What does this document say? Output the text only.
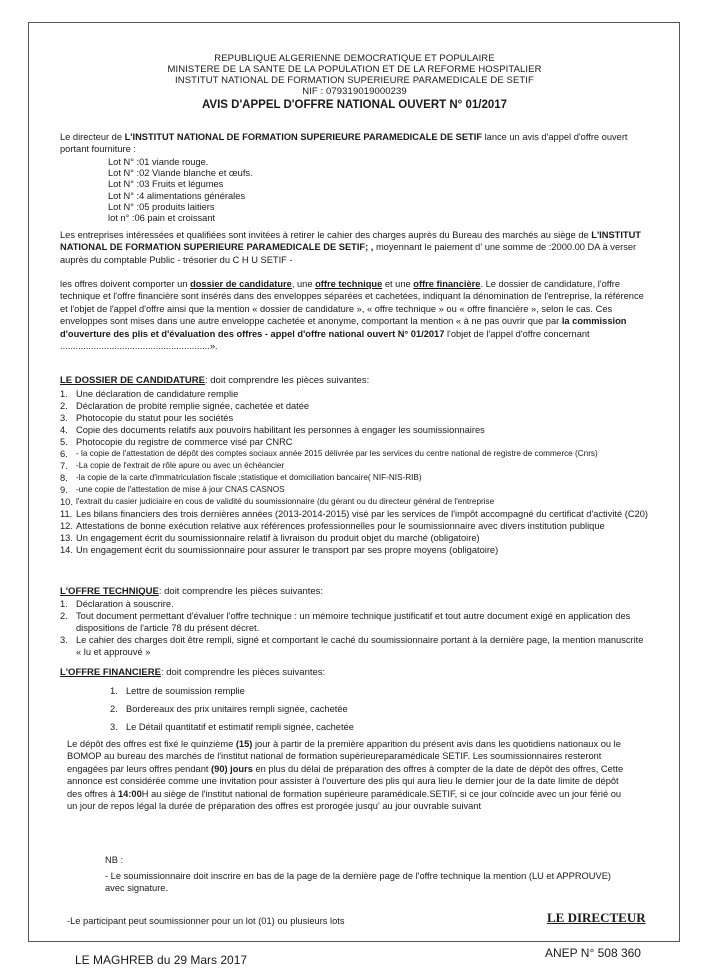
REPUBLIQUE ALGERIENNE DEMOCRATIQUE ET POPULAIRE
MINISTERE DE LA SANTE DE LA POPULATION ET DE LA REFORME HOSPITALIER
INSTITUT NATIONAL DE FORMATION SUPERIEURE PARAMEDICALE DE SETIF
NIF : 07931901900023​9
AVIS D'APPEL D'OFFRE NATIONAL OUVERT N° 01/2017

Le directeur de L'INSTITUT NATIONAL DE FORMATION SUPERIEURE PARAMEDICALE DE SETIF lance un avis d'appel d'offre ouvert portant fourniture :

Lot N° :01 viande rouge.
Lot N° :02 Viande blanche et œufs.
Lot N° :03 Fruits et légumes
Lot N° :4 alimentations générales
Lot N° :05 produits laitiers
lot n° :06 pain et croissant

Les entreprises intéressées et qualifiées sont invitées à retirer le cahier des charges auprès du Bureau des marchés au siège de L'INSTITUT NATIONAL DE FORMATION SUPERIEURE PARAMEDICALE DE SETIF; , moyennant le paiement d' une somme de :2000.00 DA à verser auprès du comptable Public - trésorier du C H U SETIF -

les offres doivent comporter un dossier de candidature, une offre technique et une offre financière. Le dossier de candidature, l'offre technique et l'offre financière sont insérés dans des enveloppes séparées et cachetées, indiquant la dénomination de l'entreprise, la référence et l'objet de l'appel d'offre ainsi que la mention « dossier de candidature », « offre technique » ou « offre financière », selon le cas. Ces enveloppes sont mises dans une autre enveloppe cachetée et anonyme, comportant la mention « à ne pas ouvrir que par la commission d'ouverture des plis et d'évaluation des offres - appel d'offre national ouvert N° 01/2017 l'objet de l'appel d'offre concernant ..........................................................».

LE DOSSIER DE CANDIDATURE: doit comprendre les pièces suivantes:
1. Une déclaration de candidature remplie
2. Déclaration de probité remplie signée, cachetée et datée
3. Photocopie du statut pour les sociétés
4. Copie des documents relatifs aux pouvoirs habilitant les personnes à engager les soumissionnaires
5. Photocopie du registre de commerce visé par CNRC
6.	- la copie de l'attestation de dépôt des comptes sociaux année 2015 délivrée par les services du centre national de registre de commerce (Cnrs)
7.	-La copie de l'extrait de rôle apure ou avec un échéancier
8.	-la copie de la carte d'immatriculation fiscale ;statistique et domiciliation bancaire( NIF-NIS-RIB)
9.	-une copie de l'attestation de mise à jour CNAS CASNOS
10. l'extrait du casier judiciaire en cous de validité du soumissionnaire (du gérant ou du directeur général de l'entreprise
11. Les bilans financiers des trois dernières années (2013-2014-2015) visé par les services de l'impôt accompagné du certificat d'activité (C20)
12. Attestations de bonne exécution relative aux références professionnelles pour le soumissionnaire avec divers institution publique
13. Un engagement écrit du soumissionnaire relatif à livraison du produit objet du marché (obligatoire)
14. Un engagement écrit du soumissionnaire pour assurer le transport par ses propre moyens (obligatoire)
L'OFFRE TECHNIQUE: doit comprendre les pièces suivantes:
1. Déclaration à souscrire.
2. Tout document permettant d'évaluer l'offre technique : un mémoire technique justificatif et tout autre document exigé en application des dispositions de l'article 78 du présent décret.
3. Le cahier des charges doit être rempli, signé et comportant le caché du soumissionnaire portant à la dernière page, la mention manuscrite « lu et approuvé »
L'OFFRE FINANCIERE: doit comprendre les pièces suivantes:
1. Lettre de soumission remplie
2. Bordereaux des prix unitaires rempli signée, cachetée
3. Le Détail quantitatif et estimatif rempli signée, cachetée

Le dépôt des offres est fixé le quinzième (15) jour à partir de la première apparition du présent avis dans les quotidiens nationaux ou le BOMOP au bureau des marchés de l'institut national de formation supérieureparamédicale SETIF. Les soumissionnaires resteront engagées par leurs offres pendant (90) jours en plus du délai de préparation des offres à compter de la date de dépôt des offres, Cette annonce est considérée comme une invitation pour assister à l'ouverture des plis qui aura lieu le dernier jour de la date limite de dépôt des offres à 14:00H au siège de l'institut national de formation supérieure paramédicale.SETIF, si ce jour coïncide avec un jour férié ou un jour de repos légal la durée de préparation des offres est prorogée jusqu' au jour ouvrable suivant

NB :

- Le soumissionnaire doit inscrire en bas de la page de la dernière page de l'offre technique la mention (LU et APPROUVE) avec signature.

-Le participant peut soumissionner pour un lot (01) ou plusieurs lots	LE DIRECTEUR
LE MAGHREB du 29 Mars 2017	ANEP N° 508 360
